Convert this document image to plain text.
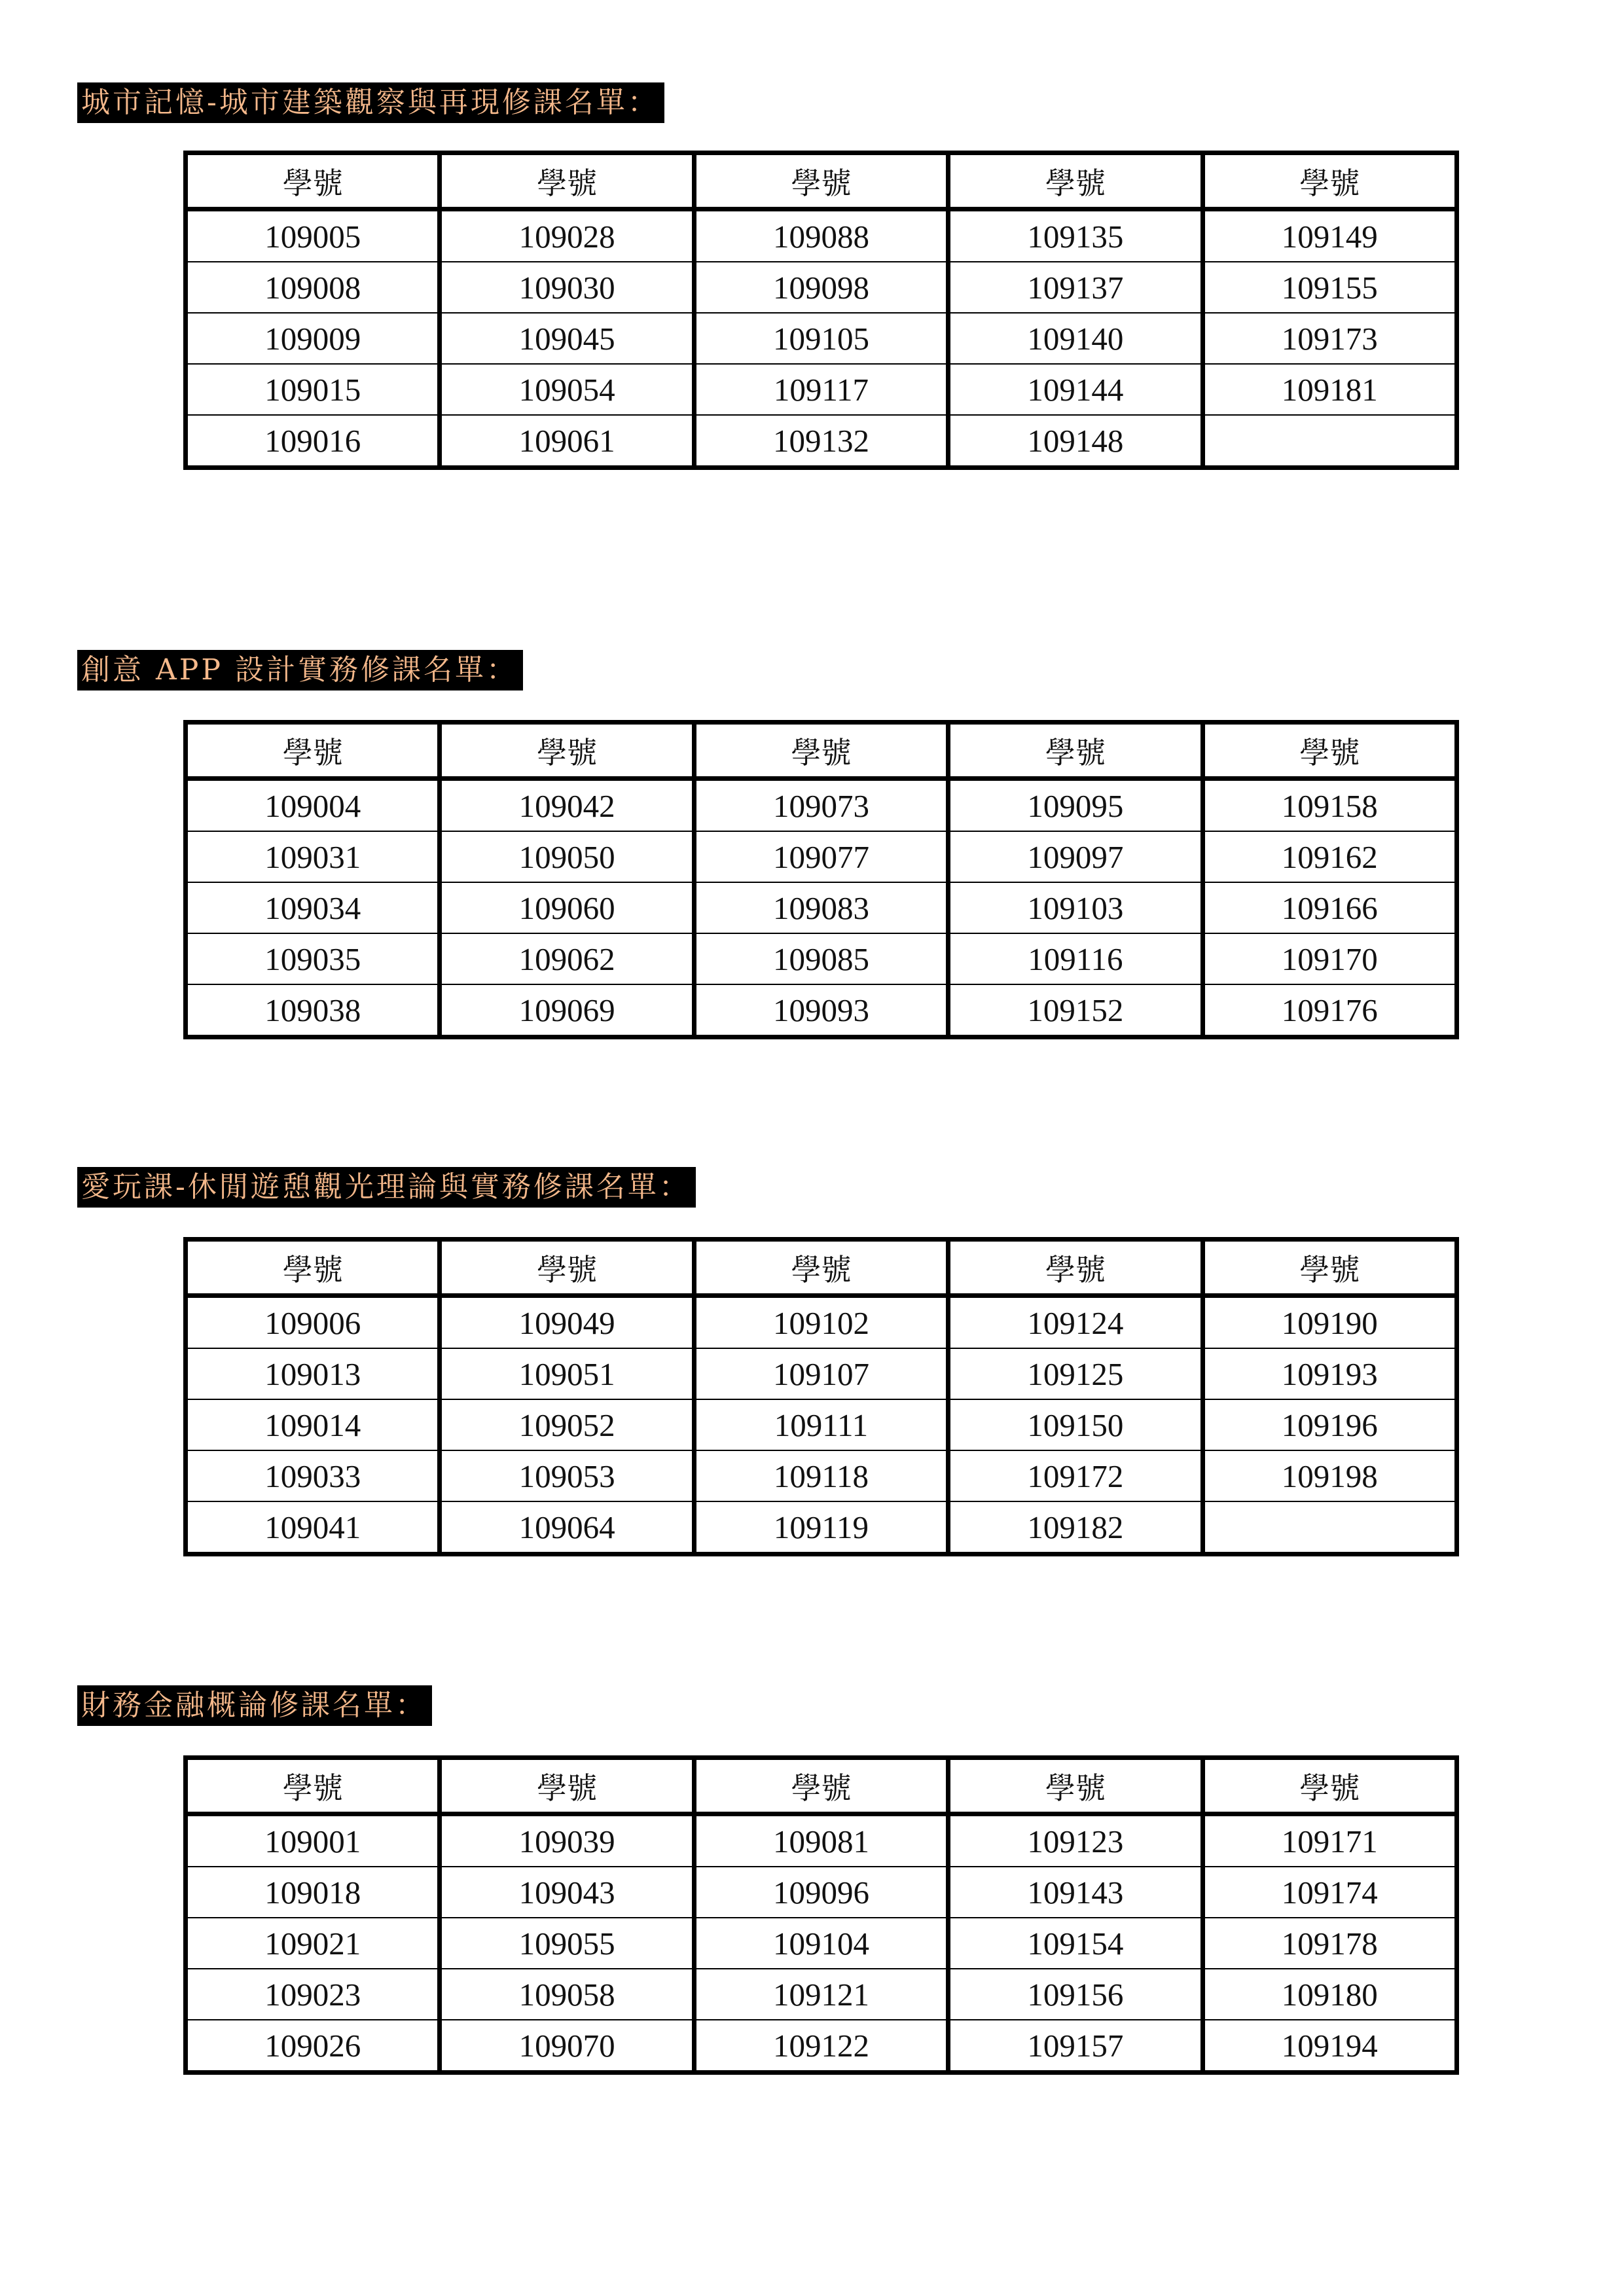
城市記憶-城市建築觀察與再現修課名單：
學號	學號	學號	學號	學號
109005	109028	109088	109135	109149
109008	109030	109098	109137	109155
109009	109045	109105	109140	109173
109015	109054	109117	109144	109181
109016	109061	109132	109148	
創意 APP 設計實務修課名單：
學號	學號	學號	學號	學號
109004	109042	109073	109095	109158
109031	109050	109077	109097	109162
109034	109060	109083	109103	109166
109035	109062	109085	109116	109170
109038	109069	109093	109152	109176
愛玩課-休閒遊憩觀光理論與實務修課名單：
學號	學號	學號	學號	學號
109006	109049	109102	109124	109190
109013	109051	109107	109125	109193
109014	109052	109111	109150	109196
109033	109053	109118	109172	109198
109041	109064	109119	109182	
財務金融概論修課名單：
學號	學號	學號	學號	學號
109001	109039	109081	109123	109171
109018	109043	109096	109143	109174
109021	109055	109104	109154	109178
109023	109058	109121	109156	109180
109026	109070	109122	109157	109194
